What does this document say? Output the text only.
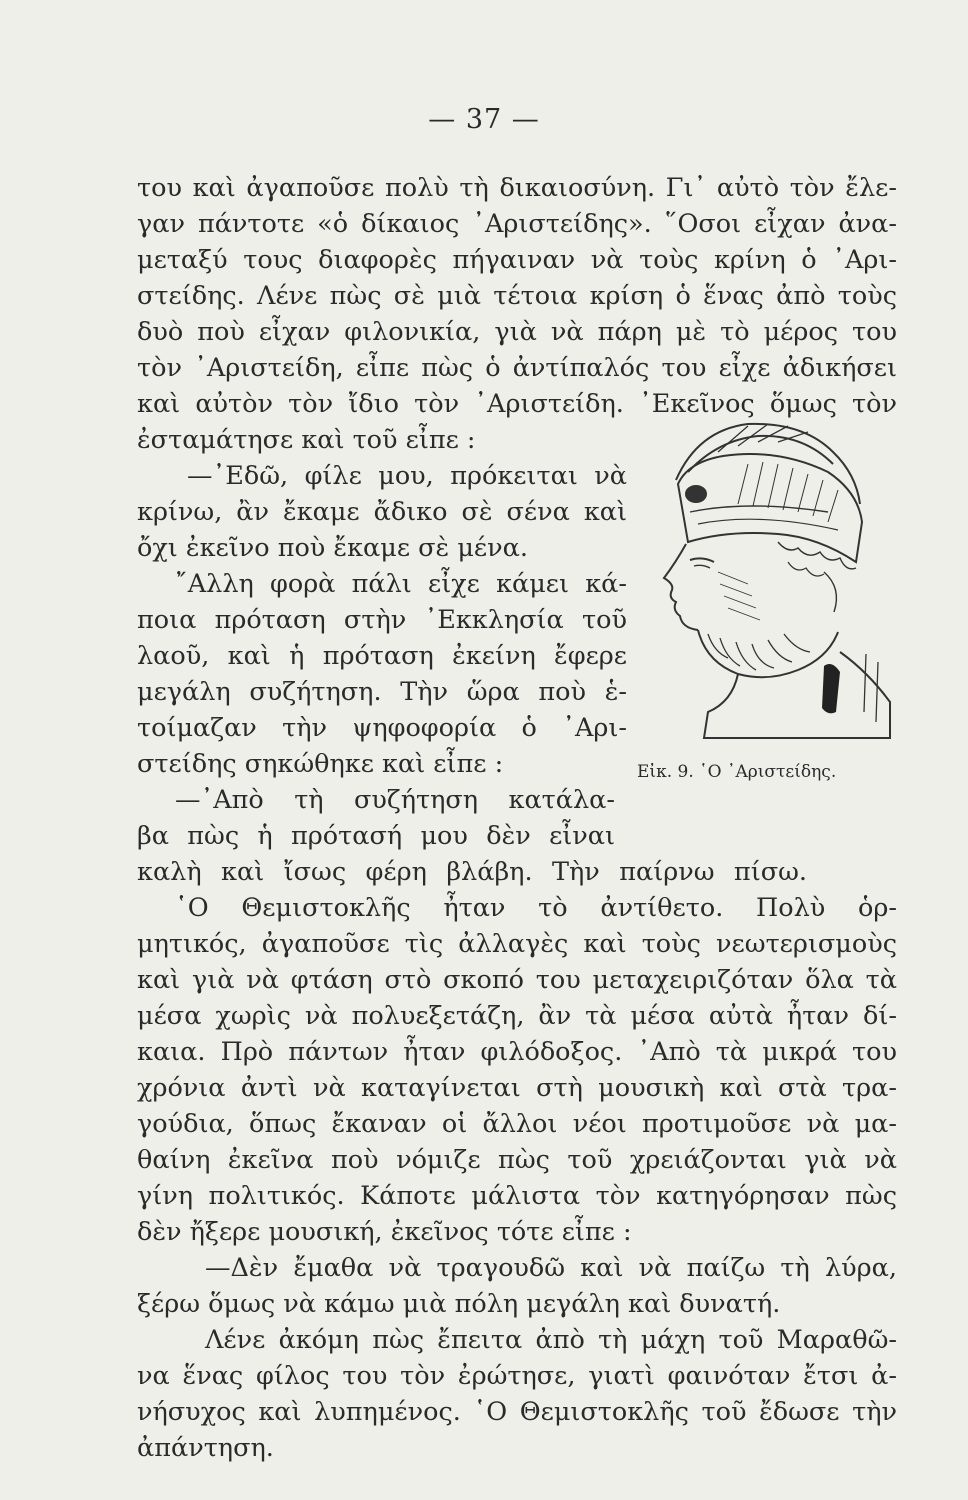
— 37 —
του καὶ ἀγαποῦσε πολὺ τὴ δικαιοσύνη. Γι᾽ αὐτὸ τὸν ἔλε-
γαν πάντοτε «ὁ δίκαιος ᾽Αριστείδης». ῞Οσοι εἶχαν ἀνα-
μεταξύ τους διαφορὲς πήγαιναν νὰ τοὺς κρίνη ὁ ᾽Αρι-
στείδης. Λένε πὼς σὲ μιὰ τέτοια κρίση ὁ ἕνας ἀπὸ τοὺς
δυὸ ποὺ εἶχαν φιλονικία, γιὰ νὰ πάρη μὲ τὸ μέρος του
τὸν ᾽Αριστείδη, εἶπε πὼς ὁ ἀντίπαλός του εἶχε ἀδικήσει
καὶ αὐτὸν τὸν ἴδιο τὸν ᾽Αριστείδη. ᾽Εκεῖνος ὅμως τὸν
ἐσταμάτησε καὶ τοῦ εἶπε :
—᾽Εδῶ, φίλε μου, πρόκειται νὰ
κρίνω, ἂν ἔκαμε ἄδικο σὲ σένα καὶ
ὄχι ἐκεῖνο ποὺ ἔκαμε σὲ μένα.
῎Αλλη φορὰ πάλι εἶχε κάμει κά-
ποια πρόταση στὴν ᾽Εκκλησία τοῦ
λαοῦ, καὶ ἡ πρόταση ἐκείνη ἔφερε
μεγάλη συζήτηση. Τὴν ὥρα ποὺ ἑ-
τοίμαζαν τὴν ψηφοφορία ὁ ᾽Αρι-
στείδης σηκώθηκε καὶ εἶπε :
—᾽Απὸ τὴ συζήτηση κατάλα-
βα πὼς ἡ πρότασή μου δὲν εἶναι
καλὴ καὶ ἴσως φέρη βλάβη. Τὴν παίρνω πίσω.
῾Ο Θεμιστοκλῆς ἦταν τὸ ἀντίθετο. Πολὺ ὁρ-
μητικός, ἀγαποῦσε τὶς ἀλλαγὲς καὶ τοὺς νεωτερισμοὺς
καὶ γιὰ νὰ φτάση στὸ σκοπό του μεταχειριζόταν ὅλα τὰ
μέσα χωρὶς νὰ πολυεξετάζη, ἂν τὰ μέσα αὐτὰ ἦταν δί-
καια. Πρὸ πάντων ἦταν φιλόδοξος. ᾽Απὸ τὰ μικρά του
χρόνια ἀντὶ νὰ καταγίνεται στὴ μουσικὴ καὶ στὰ τρα-
γούδια, ὅπως ἔκαναν οἱ ἄλλοι νέοι προτιμοῦσε νὰ μα-
θαίνη ἐκεῖνα ποὺ νόμιζε πὼς τοῦ χρειάζονται γιὰ νὰ
γίνη πολιτικός. Κάποτε μάλιστα τὸν κατηγόρησαν πὼς
δὲν ἤξερε μουσική, ἐκεῖνος τότε εἶπε :
—Δὲν ἔμαθα νὰ τραγουδῶ καὶ νὰ παίζω τὴ λύρα,
ξέρω ὅμως νὰ κάμω μιὰ πόλη μεγάλη καὶ δυνατή.
Λένε ἀκόμη πὼς ἔπειτα ἀπὸ τὴ μάχη τοῦ Μαραθῶ-
να ἕνας φίλος του τὸν ἐρώτησε, γιατὶ φαινόταν ἔτσι ἀ-
νήσυχος καὶ λυπημένος. ῾Ο Θεμιστοκλῆς τοῦ ἔδωσε τὴν
ἀπάντηση.
Εἰκ. 9. ῾Ο ᾽Αριστείδης.
